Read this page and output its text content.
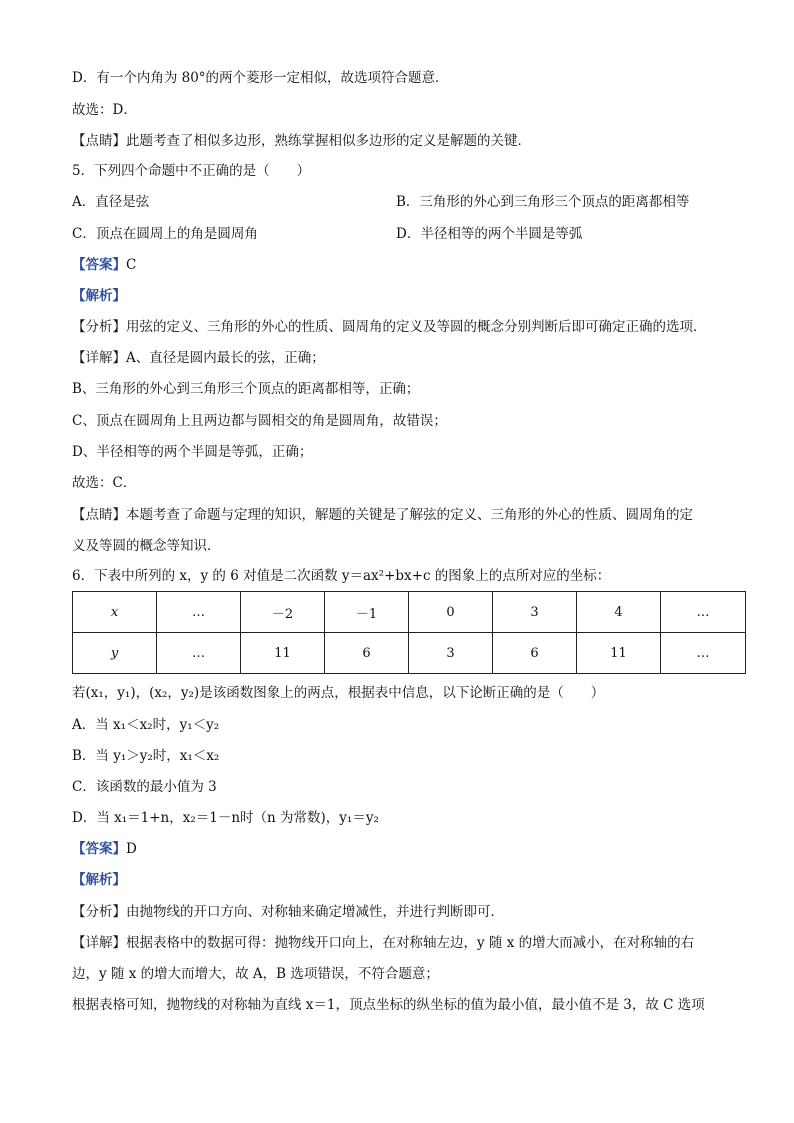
D．有一个内角为 80°的两个菱形一定相似，故选项符合题意．
故选：D．
【点睛】此题考查了相似多边形，熟练掌握相似多边形的定义是解题的关键．
5．下列四个命题中不正确的是（　　）
A．直径是弦	B．三角形的外心到三角形三个顶点的距离都相等
C．顶点在圆周上的角是圆周角	D．半径相等的两个半圆是等弧
【答案】C
【解析】
【分析】用弦的定义、三角形的外心的性质、圆周角的定义及等圆的概念分别判断后即可确定正确的选项．
【详解】A、直径是圆内最长的弦，正确；
B、三角形的外心到三角形三个顶点的距离都相等，正确；
C、顶点在圆周角上且两边都与圆相交的角是圆周角，故错误；
D、半径相等的两个半圆是等弧，正确；
故选：C．
【点睛】本题考查了命题与定理的知识，解题的关键是了解弦的定义、三角形的外心的性质、圆周角的定
义及等圆的概念等知识．
6．下表中所列的 x，y 的 6 对值是二次函数 y＝ax²+bx+c 的图象上的点所对应的坐标：
x	…	－2	－1	0	3	4	…
y	…	11	6	3	6	11	…
若(x₁，y₁)，(x₂，y₂)是该函数图象上的两点，根据表中信息，以下论断正确的是（　　）
A．当 x₁＜x₂时，y₁＜y₂
B．当 y₁＞y₂时，x₁＜x₂
C．该函数的最小值为 3
D．当 x₁＝1+n，x₂＝1－n时（n 为常数)，y₁＝y₂
【答案】D
【解析】
【分析】由抛物线的开口方向、对称轴来确定增减性，并进行判断即可．
【详解】根据表格中的数据可得：抛物线开口向上，在对称轴左边，y 随 x 的增大而减小，在对称轴的右
边，y 随 x 的增大而增大，故 A，B 选项错误，不符合题意；
根据表格可知，抛物线的对称轴为直线 x＝1，顶点坐标的纵坐标的值为最小值，最小值不是 3，故 C 选项
